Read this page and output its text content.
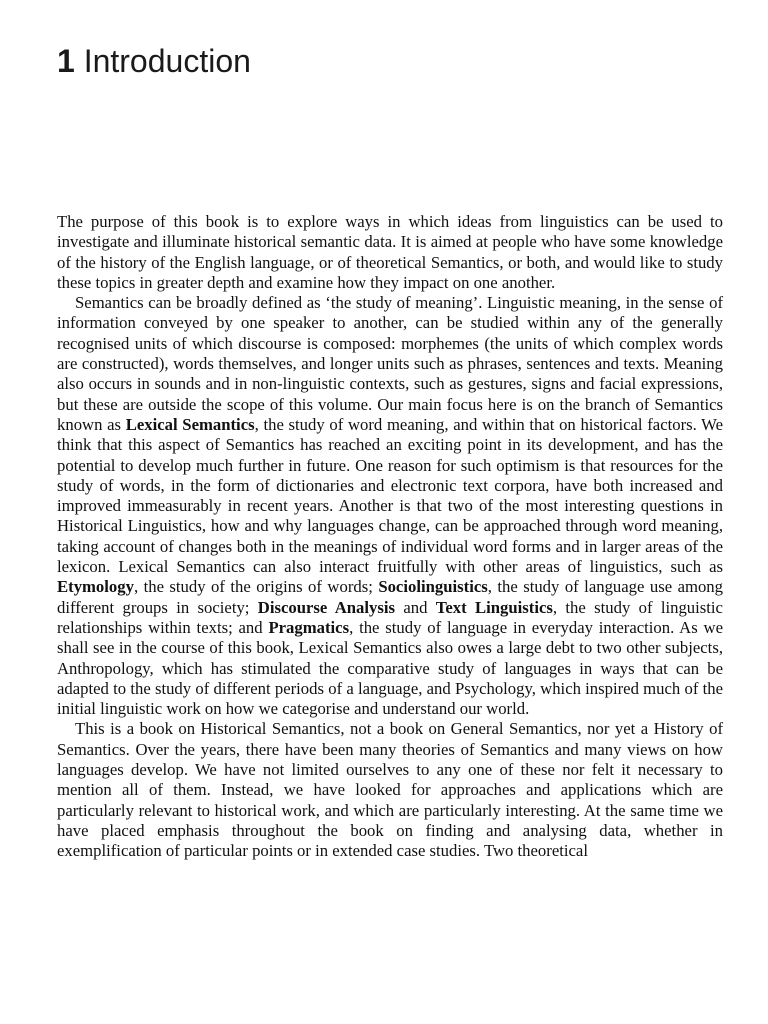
1 Introduction

The purpose of this book is to explore ways in which ideas from linguistics can be used to investigate and illuminate historical semantic data. It is aimed at people who have some knowledge of the history of the English language, or of theoretical Semantics, or both, and would like to study these topics in greater depth and examine how they impact on one another.

Semantics can be broadly defined as ‘the study of meaning’. Linguistic meaning, in the sense of information conveyed by one speaker to another, can be studied within any of the generally recognised units of which discourse is composed: morphemes (the units of which complex words are constructed), words themselves, and longer units such as phrases, sentences and texts. Meaning also occurs in sounds and in non-linguistic contexts, such as gestures, signs and facial expressions, but these are outside the scope of this volume. Our main focus here is on the branch of Semantics known as Lexical Semantics, the study of word meaning, and within that on historical factors. We think that this aspect of Semantics has reached an exciting point in its development, and has the potential to develop much further in future. One reason for such optimism is that resources for the study of words, in the form of dictionaries and electronic text corpora, have both increased and improved immeasurably in recent years. Another is that two of the most interesting questions in Historical Linguistics, how and why languages change, can be approached through word meaning, taking account of changes both in the meanings of individual word forms and in larger areas of the lexicon. Lexical Semantics can also interact fruitfully with other areas of linguistics, such as Etymology, the study of the origins of words; Sociolinguistics, the study of language use among different groups in society; Discourse Analysis and Text Linguistics, the study of linguistic relationships within texts; and Pragmatics, the study of language in everyday interaction. As we shall see in the course of this book, Lexical Semantics also owes a large debt to two other subjects, Anthropology, which has stimulated the comparative study of languages in ways that can be adapted to the study of different periods of a language, and Psychology, which inspired much of the initial linguistic work on how we categorise and understand our world.

This is a book on Historical Semantics, not a book on General Semantics, nor yet a History of Semantics. Over the years, there have been many theories of Semantics and many views on how languages develop. We have not limited ourselves to any one of these nor felt it necessary to mention all of them. Instead, we have looked for approaches and applications which are particularly relevant to historical work, and which are particularly interesting. At the same time we have placed emphasis throughout the book on finding and analysing data, whether in exemplification of particular points or in extended case studies. Two theoretical
